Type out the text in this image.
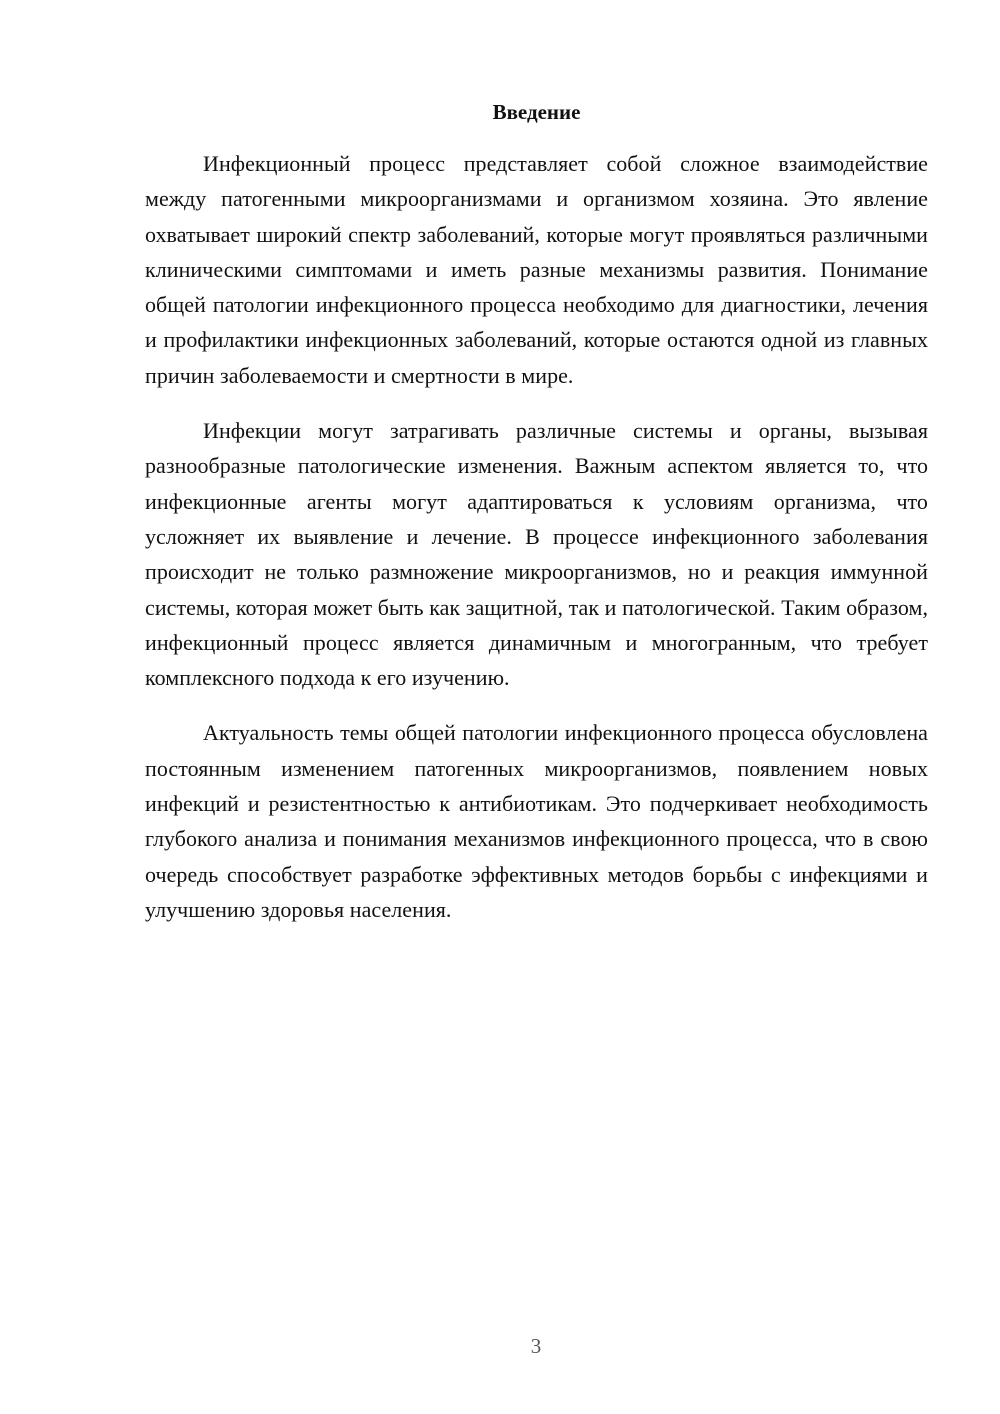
Введение

Инфекционный процесс представляет собой сложное взаимодействие между патогенными микроорганизмами и организмом хозяина. Это явление охватывает широкий спектр заболеваний, которые могут проявляться различными клиническими симптомами и иметь разные механизмы развития. Понимание общей патологии инфекционного процесса необходимо для диагностики, лечения и профилактики инфекционных заболеваний, которые остаются одной из главных причин заболеваемости и смертности в мире.

Инфекции могут затрагивать различные системы и органы, вызывая разнообразные патологические изменения. Важным аспектом является то, что инфекционные агенты могут адаптироваться к условиям организма, что усложняет их выявление и лечение. В процессе инфекционного заболевания происходит не только размножение микроорганизмов, но и реакция иммунной системы, которая может быть как защитной, так и патологической. Таким образом, инфекционный процесс является динамичным и многогранным, что требует комплексного подхода к его изучению.

Актуальность темы общей патологии инфекционного процесса обусловлена постоянным изменением патогенных микроорганизмов, появлением новых инфекций и резистентностью к антибиотикам. Это подчеркивает необходимость глубокого анализа и понимания механизмов инфекционного процесса, что в свою очередь способствует разработке эффективных методов борьбы с инфекциями и улучшению здоровья населения.

3
